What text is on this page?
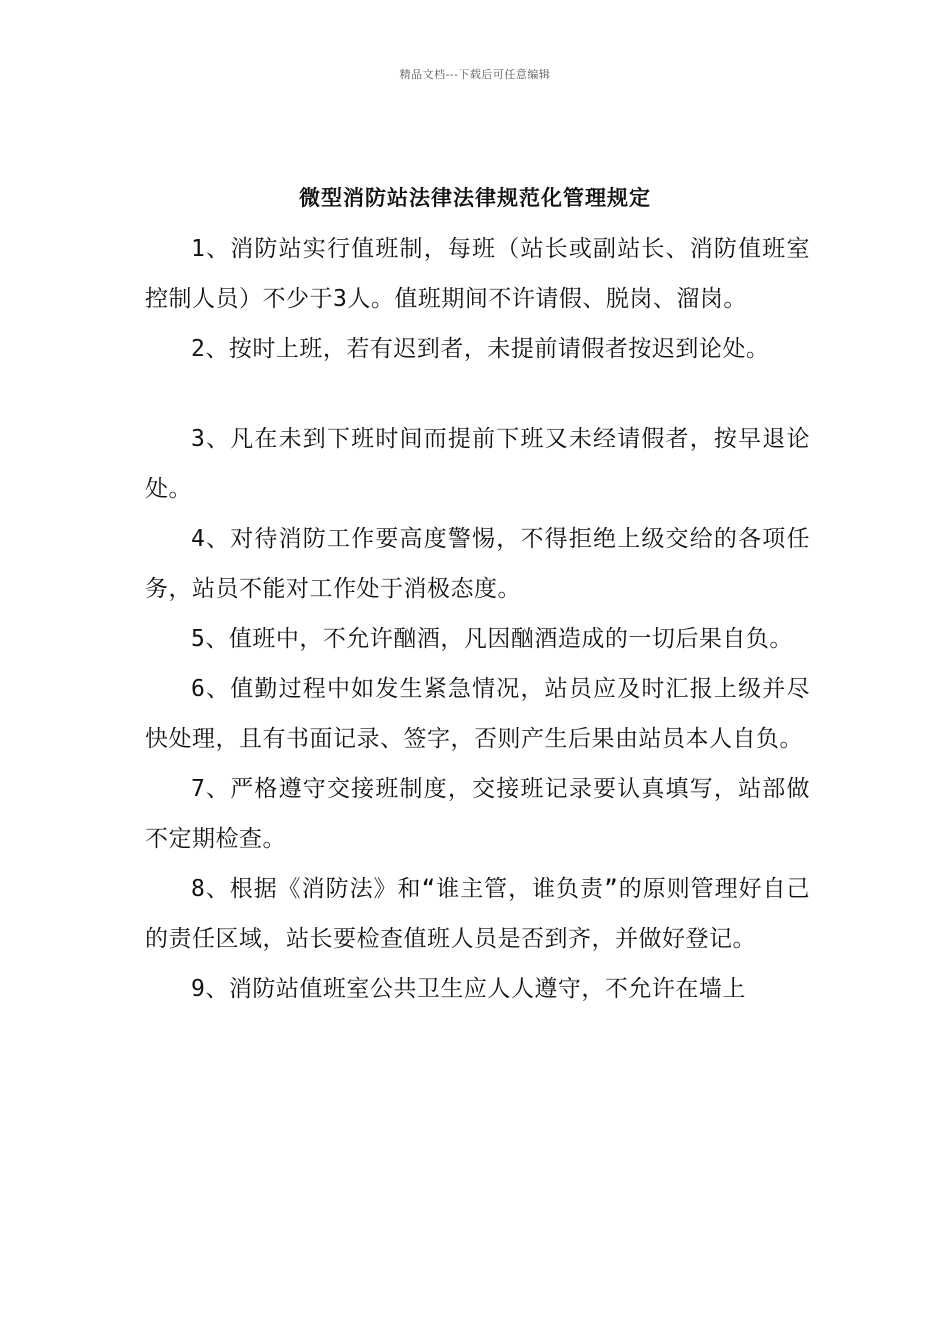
精品文档---下载后可任意编辑
微型消防站法律法律规范化管理规定

1、消防站实行值班制，每班（站长或副站长、消防值班室控制人员）不少于3人。值班期间不许请假、脱岗、溜岗。

2、按时上班，若有迟到者，未提前请假者按迟到论处。

3、凡在未到下班时间而提前下班又未经请假者，按早退论处。

4、对待消防工作要高度警惕，不得拒绝上级交给的各项任务，站员不能对工作处于消极态度。

5、值班中，不允许酗酒，凡因酗酒造成的一切后果自负。

6、值勤过程中如发生紧急情况，站员应及时汇报上级并尽快处理，且有书面记录、签字，否则产生后果由站员本人自负。

7、严格遵守交接班制度，交接班记录要认真填写，站部做不定期检查。

8、根据《消防法》和“谁主管，谁负责”的原则管理好自己的责任区域，站长要检查值班人员是否到齐，并做好登记。

9、消防站值班室公共卫生应人人遵守，不允许在墙上
